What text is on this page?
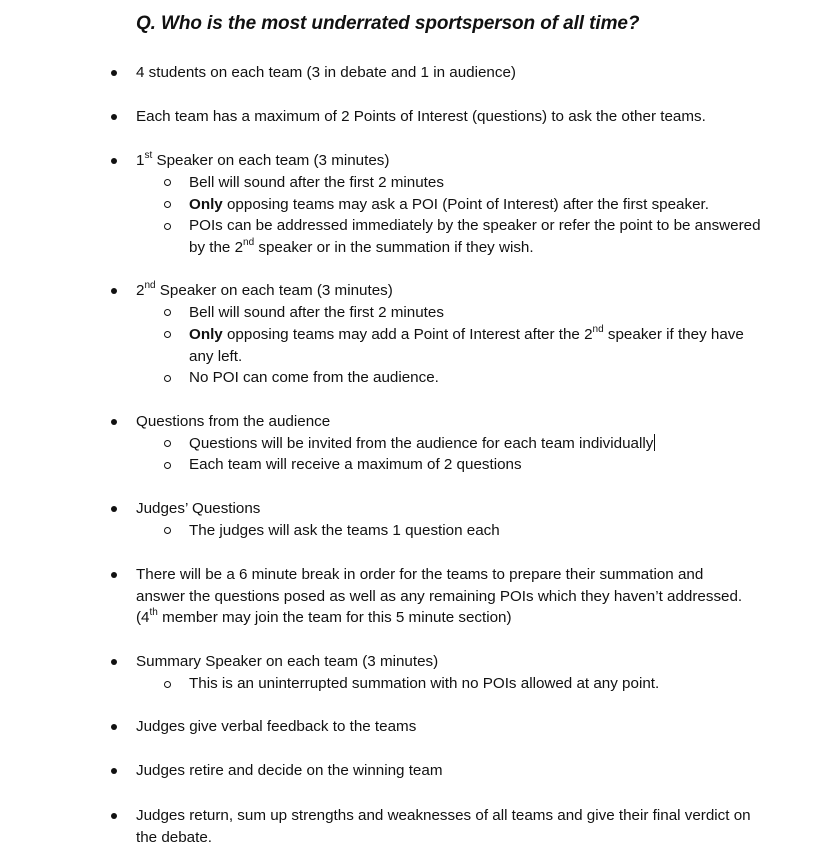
Q. Who is the most underrated sportsperson of all time?
4 students on each team (3 in debate and 1 in audience)
Each team has a maximum of 2 Points of Interest (questions) to ask the other teams.
1st Speaker on each team (3 minutes)
Bell will sound after the first 2 minutes
Only opposing teams may ask a POI (Point of Interest) after the first speaker.
POIs can be addressed immediately by the speaker or refer the point to be answered
by the 2nd speaker or in the summation if they wish.
2nd Speaker on each team (3 minutes)
Bell will sound after the first 2 minutes
Only opposing teams may add a Point of Interest after the 2nd speaker if they have
any left.
No POI can come from the audience.
Questions from the audience
Questions will be invited from the audience for each team individually
Each team will receive a maximum of 2 questions
Judges’ Questions
The judges will ask the teams 1 question each
There will be a 6 minute break in order for the teams to prepare their summation and
answer the questions posed as well as any remaining POIs which they haven’t addressed.
(4th member may join the team for this 5 minute section)
Summary Speaker on each team (3 minutes)
This is an uninterrupted summation with no POIs allowed at any point.
Judges give verbal feedback to the teams
Judges retire and decide on the winning team
Judges return, sum up strengths and weaknesses of all teams and give their final verdict on
the debate.
